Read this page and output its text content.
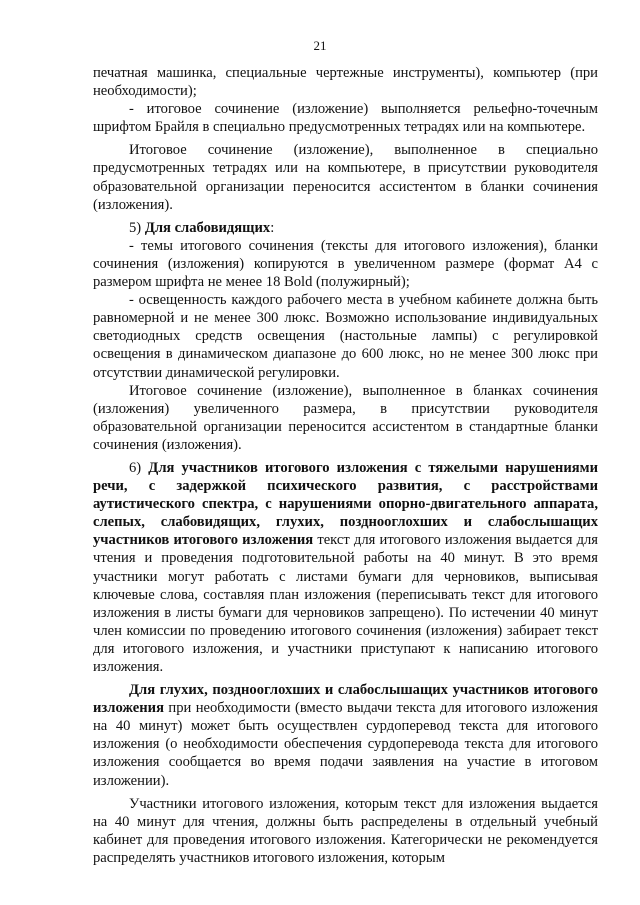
21

печатная машинка, специальные чертежные инструменты), компьютер (при необходимости);

- итоговое сочинение (изложение) выполняется рельефно-точечным шрифтом Брайля в специально предусмотренных тетрадях или на компьютере.

Итоговое сочинение (изложение), выполненное в специально предусмотренных тетрадях или на компьютере, в присутствии руководителя образовательной организации переносится ассистентом в бланки сочинения (изложения).

5) Для слабовидящих:

- темы итогового сочинения (тексты для итогового изложения), бланки сочинения (изложения) копируются в увеличенном размере (формат А4 с размером шрифта не менее 18 Bold (полужирный);

- освещенность каждого рабочего места в учебном кабинете должна быть равномерной и не менее 300 люкс. Возможно использование индивидуальных светодиодных средств освещения (настольные лампы) с регулировкой освещения в динамическом диапазоне до 600 люкс, но не менее 300 люкс при отсутствии динамической регулировки.

Итоговое сочинение (изложение), выполненное в бланках сочинения (изложения) увеличенного размера, в присутствии руководителя образовательной организации переносится ассистентом в стандартные бланки сочинения (изложения).

6) Для участников итогового изложения с тяжелыми нарушениями речи, с задержкой психического развития, с расстройствами аутистического спектра, с нарушениями опорно-двигательного аппарата, слепых, слабовидящих, глухих, позднооглохших и слабослышащих участников итогового изложения текст для итогового изложения выдается для чтения и проведения подготовительной работы на 40 минут. В это время участники могут работать с листами бумаги для черновиков, выписывая ключевые слова, составляя план изложения (переписывать текст для итогового изложения в листы бумаги для черновиков запрещено). По истечении 40 минут член комиссии по проведению итогового сочинения (изложения) забирает текст для итогового изложения, и участники приступают к написанию итогового изложения.

Для глухих, позднооглохших и слабослышащих участников итогового изложения при необходимости (вместо выдачи текста для итогового изложения на 40 минут) может быть осуществлен сурдоперевод текста для итогового изложения (о необходимости обеспечения сурдоперевода текста для итогового изложения сообщается во время подачи заявления на участие в итоговом изложении).

Участники итогового изложения, которым текст для изложения выдается на 40 минут для чтения, должны быть распределены в отдельный учебный кабинет для проведения итогового изложения. Категорически не рекомендуется распределять участников итогового изложения, которым
